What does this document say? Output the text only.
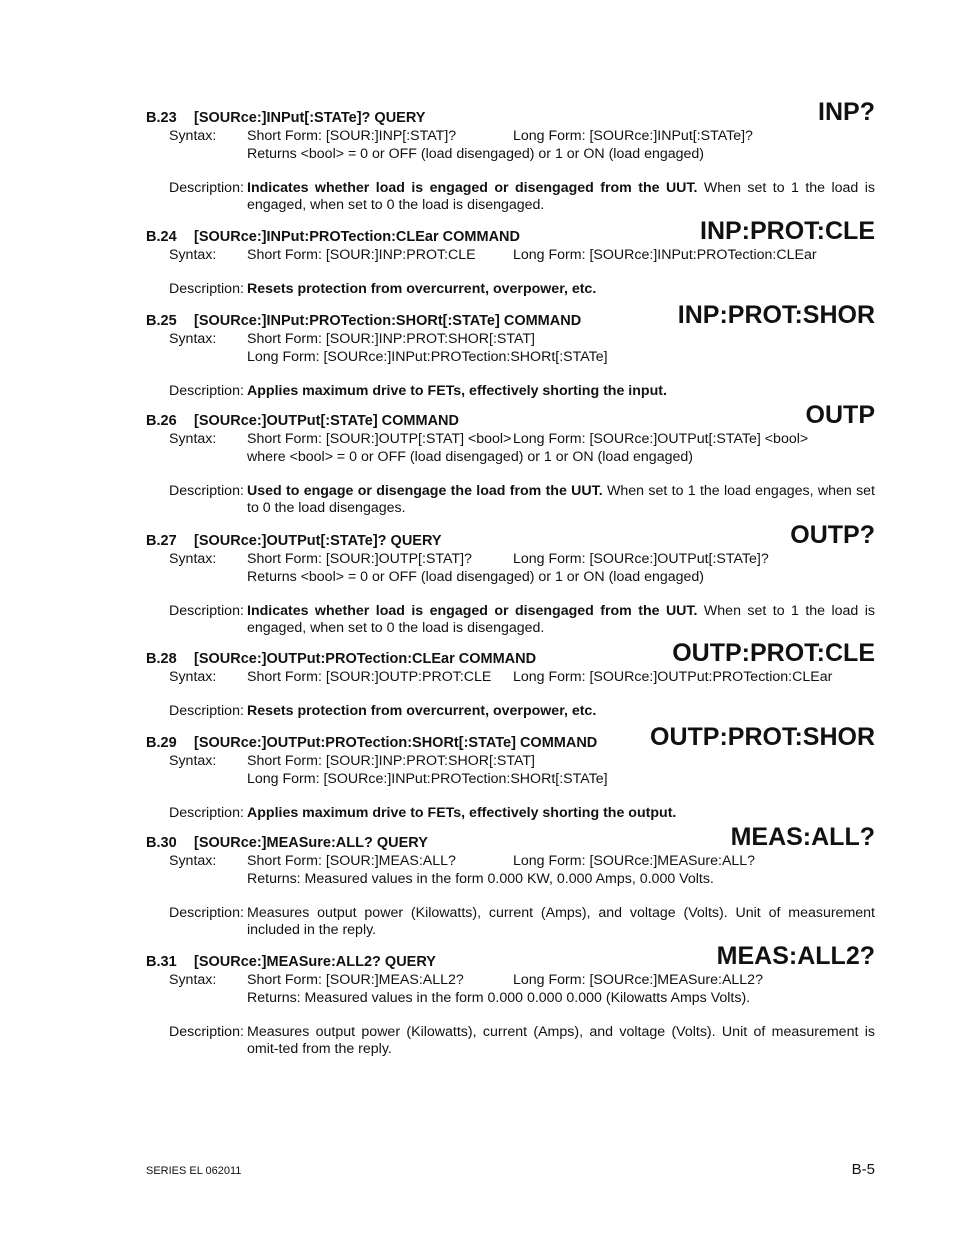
B.23 [SOURce:]INPut[:STATe]? QUERY	INP?
Syntax: Short Form: [SOUR:]INP[:STAT]?	Long Form: [SOURce:]INPut[:STATe]?
Returns <bool> = 0 or OFF (load disengaged) or 1 or ON (load engaged)
Description: Indicates whether load is engaged or disengaged from the UUT. When set to 1 the load is engaged, when set to 0 the load is disengaged.
B.24 [SOURce:]INPut:PROTection:CLEar COMMAND	INP:PROT:CLE
Syntax: Short Form: [SOUR:]INP:PROT:CLE	Long Form: [SOURce:]INPut:PROTection:CLEar
Description: Resets protection from overcurrent, overpower, etc.
B.25 [SOURce:]INPut:PROTection:SHORt[:STATe] COMMAND	INP:PROT:SHOR
Syntax: Short Form: [SOUR:]INP:PROT:SHOR[:STAT]
Long Form: [SOURce:]INPut:PROTection:SHORt[:STATe]
Description: Applies maximum drive to FETs, effectively shorting the input.
B.26 [SOURce:]OUTPut[:STATe] COMMAND	OUTP
Syntax: Short Form: [SOUR:]OUTP[:STAT] <bool> Long Form: [SOURce:]OUTPut[:STATe] <bool>
where <bool> = 0 or OFF (load disengaged) or 1 or ON (load engaged)
Description: Used to engage or disengage the load from the UUT. When set to 1 the load engages, when set to 0 the load disengages.
B.27 [SOURce:]OUTPut[:STATe]? QUERY	OUTP?
Syntax: Short Form: [SOUR:]OUTP[:STAT]?	Long Form: [SOURce:]OUTPut[:STATe]?
Returns <bool> = 0 or OFF (load disengaged) or 1 or ON (load engaged)
Description: Indicates whether load is engaged or disengaged from the UUT. When set to 1 the load is engaged, when set to 0 the load is disengaged.
B.28 [SOURce:]OUTPut:PROTection:CLEar COMMAND	OUTP:PROT:CLE
Syntax: Short Form: [SOUR:]OUTP:PROT:CLE Long Form: [SOURce:]OUTPut:PROTection:CLEar
Description: Resets protection from overcurrent, overpower, etc.
B.29 [SOURce:]OUTPut:PROTection:SHORt[:STATe] COMMAND OUTP:PROT:SHOR
Syntax: Short Form: [SOUR:]INP:PROT:SHOR[:STAT]
Long Form: [SOURce:]INPut:PROTection:SHORt[:STATe]
Description: Applies maximum drive to FETs, effectively shorting the output.
B.30 [SOURce:]MEASure:ALL? QUERY	MEAS:ALL?
Syntax: Short Form: [SOUR:]MEAS:ALL?	Long Form: [SOURce:]MEASure:ALL?
Returns: Measured values in the form 0.000 KW, 0.000 Amps, 0.000 Volts.
Description: Measures output power (Kilowatts), current (Amps), and voltage (Volts). Unit of measurement included in the reply.
B.31 [SOURce:]MEASure:ALL2? QUERY	MEAS:ALL2?
Syntax: Short Form: [SOUR:]MEAS:ALL2?	Long Form: [SOURce:]MEASure:ALL2?
Returns: Measured values in the form 0.000 0.000 0.000 (Kilowatts Amps Volts).
Description: Measures output power (Kilowatts), current (Amps), and voltage (Volts). Unit of measurement is omit-ted from the reply.
SERIES EL 062011	B-5
